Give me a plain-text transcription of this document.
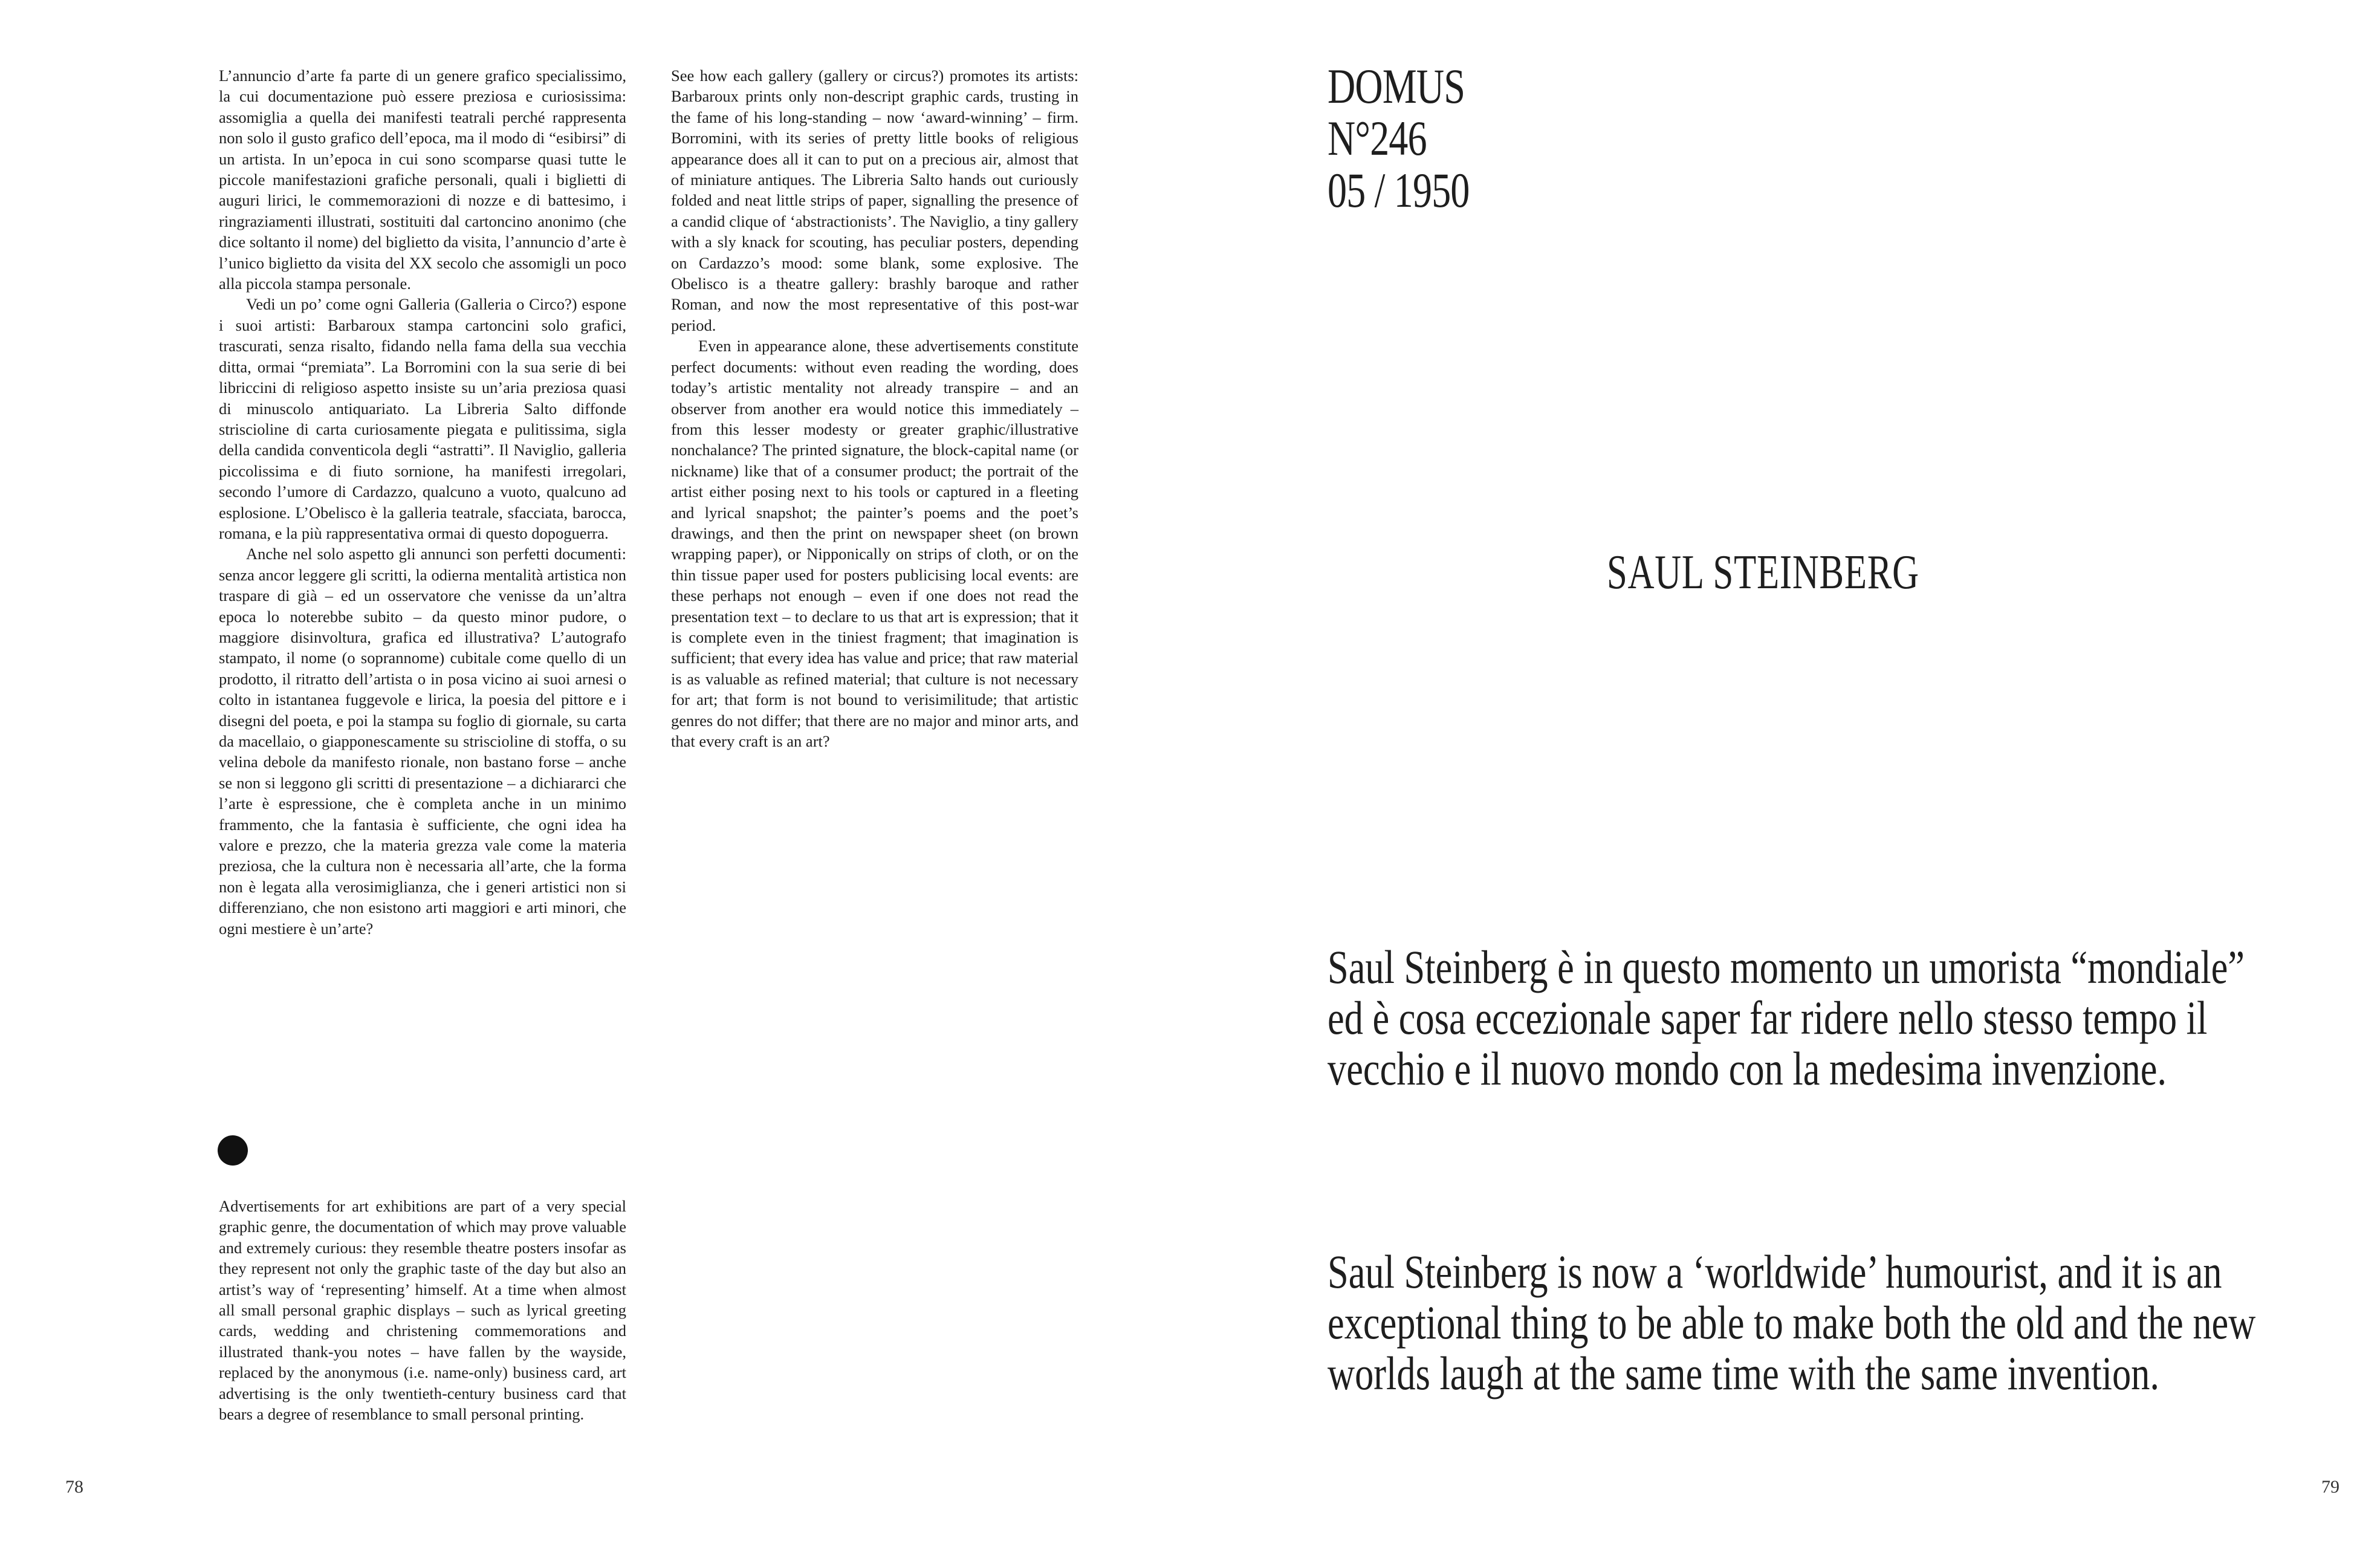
L’annuncio d’arte fa parte di un genere grafico specialissimo, la cui documentazione può essere preziosa e curiosissima: assomiglia a quella dei manifesti teatrali perché rappresenta non solo il gusto grafico dell’epoca, ma il modo di “esibirsi” di un artista. In un’epoca in cui sono scomparse quasi tutte le piccole manifestazioni grafiche personali, quali i biglietti di auguri lirici, le commemorazioni di nozze e di battesimo, i ringraziamenti illustrati, sostituiti dal cartoncino anonimo (che dice soltanto il nome) del biglietto da visita, l’annuncio d’arte è l’unico biglietto da visita del XX secolo che assomigli un poco alla piccola stampa personale.

Vedi un po’ come ogni Galleria (Galleria o Circo?) espone i suoi artisti: Barbaroux stampa cartoncini solo grafici, trascurati, senza risalto, fidando nella fama della sua vecchia ditta, ormai “premiata”. La Borromini con la sua serie di bei libriccini di religioso aspetto insiste su un’aria preziosa quasi di minuscolo antiquariato. La Libreria Salto diffonde striscioline di carta curiosamente piegata e pulitissima, sigla della candida conventicola degli “astratti”. Il Naviglio, galleria piccolissima e di fiuto sornione, ha manifesti irregolari, secondo l’umore di Cardazzo, qualcuno a vuoto, qualcuno ad esplosione. L’Obelisco è la galleria teatrale, sfacciata, barocca, romana, e la più rappresentativa ormai di questo dopoguerra.

Anche nel solo aspetto gli annunci son perfetti documenti: senza ancor leggere gli scritti, la odierna mentalità artistica non traspare di già – ed un osservatore che venisse da un’altra epoca lo noterebbe subito – da questo minor pudore, o maggiore disinvoltura, grafica ed illustrativa? L’autografo stampato, il nome (o soprannome) cubitale come quello di un prodotto, il ritratto dell’artista o in posa vicino ai suoi arnesi o colto in istantanea fuggevole e lirica, la poesia del pittore e i disegni del poeta, e poi la stampa su foglio di giornale, su carta da macellaio, o giapponescamente su striscioline di stoffa, o su velina debole da manifesto rionale, non bastano forse – anche se non si leggono gli scritti di presentazione – a dichiararci che l’arte è espressione, che è completa anche in un minimo frammento, che la fantasia è sufficiente, che ogni idea ha valore e prezzo, che la materia grezza vale come la materia preziosa, che la cultura non è necessaria all’arte, che la forma non è legata alla verosimiglianza, che i generi artistici non si differenziano, che non esistono arti maggiori e arti minori, che ogni mestiere è un’arte?

See how each gallery (gallery or circus?) promotes its artists: Barbaroux prints only non-descript graphic cards, trusting in the fame of his long-standing – now ‘award-winning’ – firm. Borromini, with its series of pretty little books of religious appearance does all it can to put on a precious air, almost that of miniature antiques. The Libreria Salto hands out curiously folded and neat little strips of paper, signalling the presence of a candid clique of ‘abstractionists’. The Naviglio, a tiny gallery with a sly knack for scouting, has peculiar posters, depending on Cardazzo’s mood: some blank, some explosive. The Obelisco is a theatre gallery: brashly baroque and rather Roman, and now the most representative of this post-war period.

Even in appearance alone, these advertisements constitute perfect documents: without even reading the wording, does today’s artistic mentality not already transpire – and an observer from another era would notice this immediately – from this lesser modesty or greater graphic/illustrative nonchalance? The printed signature, the block-capital name (or nickname) like that of a consumer product; the portrait of the artist either posing next to his tools or captured in a fleeting and lyrical snapshot; the painter’s poems and the poet’s drawings, and then the print on newspaper sheet (on brown wrapping paper), or Nipponically on strips of cloth, or on the thin tissue paper used for posters publicising local events: are these perhaps not enough – even if one does not read the presentation text – to declare to us that art is expression; that it is complete even in the tiniest fragment; that imagination is sufficient; that every idea has value and price; that raw material is as valuable as refined material; that culture is not necessary for art; that form is not bound to verisimilitude; that artistic genres do not differ; that there are no major and minor arts, and that every craft is an art?

Advertisements for art exhibitions are part of a very special graphic genre, the documentation of which may prove valuable and extremely curious: they resemble theatre posters insofar as they represent not only the graphic taste of the day but also an artist’s way of ‘representing’ himself. At a time when almost all small personal graphic displays – such as lyrical greeting cards, wedding and christening commemorations and illustrated thank-you notes – have fallen by the wayside, replaced by the anonymous (i.e. name-only) business card, art advertising is the only twentieth-century business card that bears a degree of resemblance to small personal printing.

78
DOMUS
N°246
05 / 1950
SAUL STEINBERG
Saul Steinberg è in questo momento un umorista “mondiale” ed è cosa eccezionale saper far ridere nello stesso tempo il vecchio e il nuovo mondo con la medesima invenzione.
Saul Steinberg is now a ‘worldwide’ humourist, and it is an exceptional thing to be able to make both the old and the new worlds laugh at the same time with the same invention.
79
